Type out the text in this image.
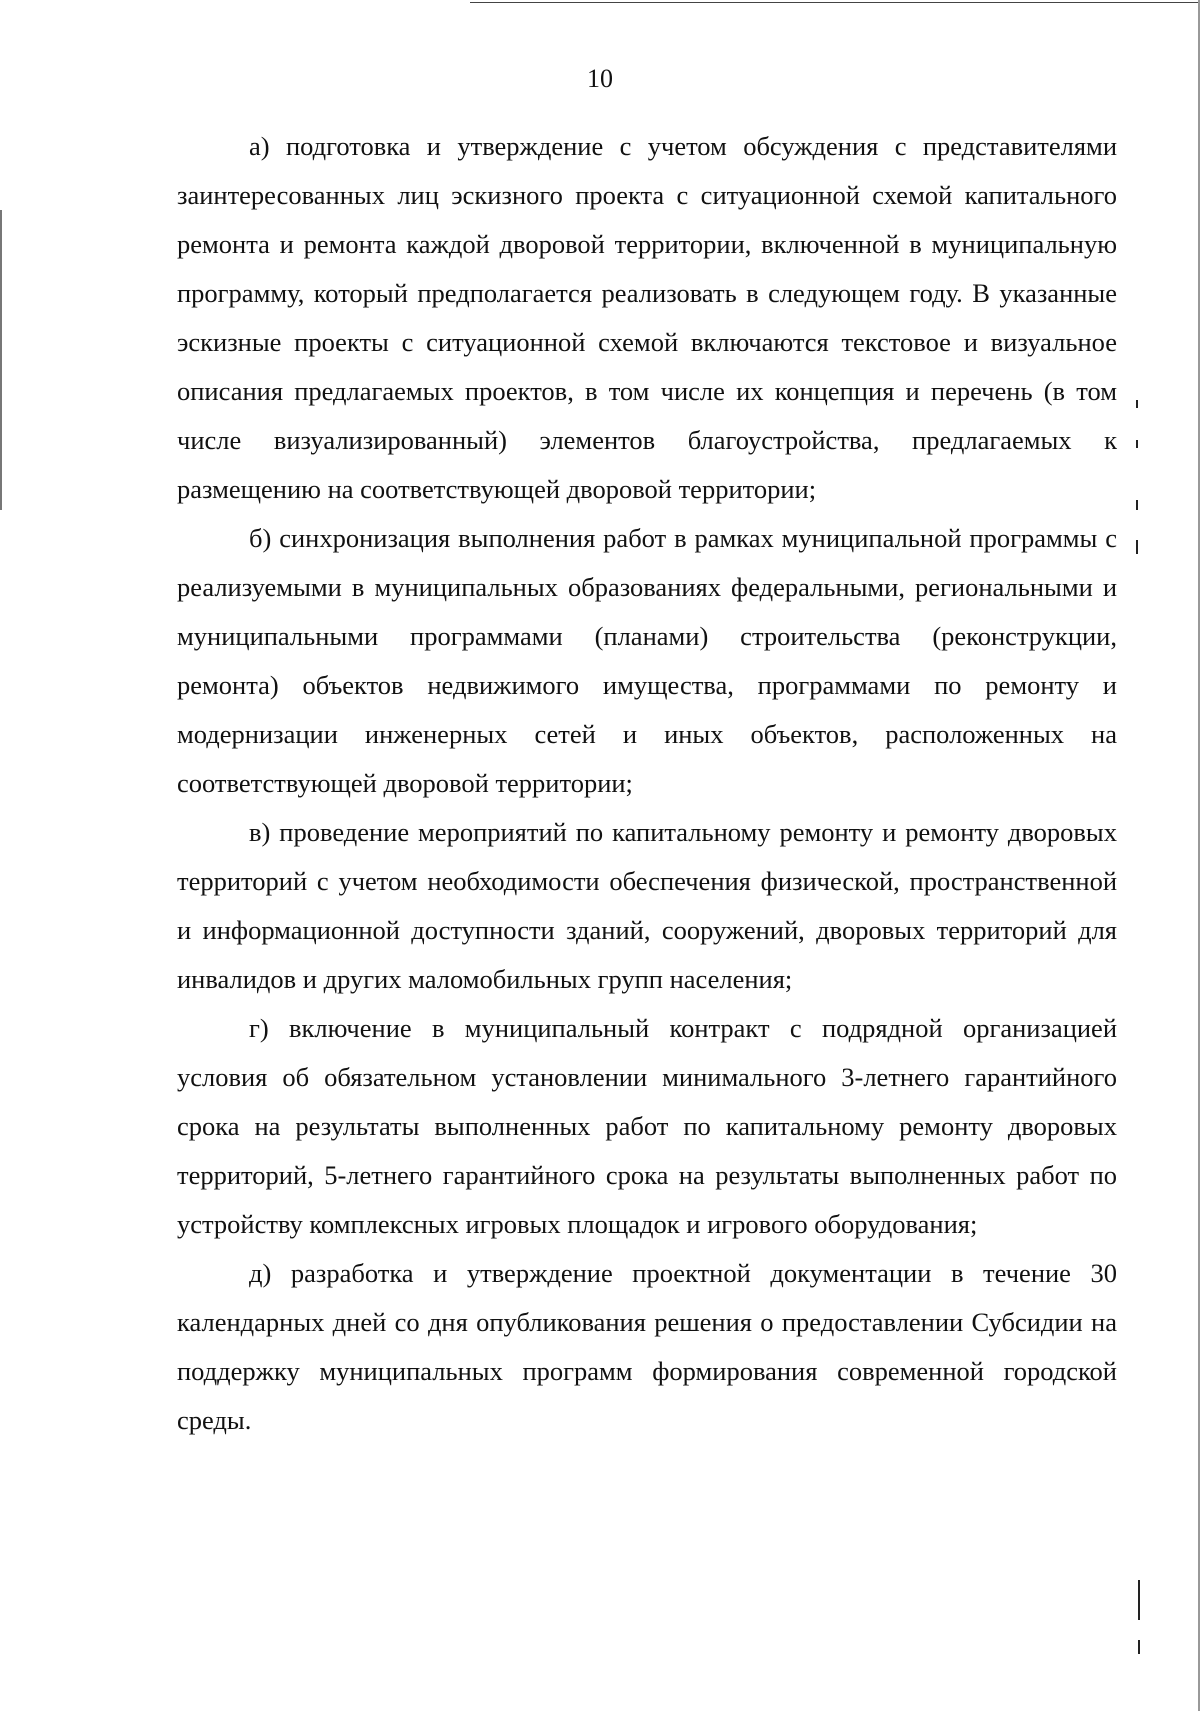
10

а) подготовка и утверждение с учетом обсуждения с представителями заинтересованных лиц эскизного проекта с ситуационной схемой капитального ремонта и ремонта каждой дворовой территории, включенной в муниципальную программу, который предполагается реализовать в следующем году. В указанные эскизные проекты с ситуационной схемой включаются текстовое и визуальное описания предлагаемых проектов, в том числе их концепция и перечень (в том числе визуализированный) элементов благоустройства, предлагаемых к размещению на соответствующей дворовой территории;

б) синхронизация выполнения работ в рамках муниципальной программы с реализуемыми в муниципальных образованиях федеральными, региональными и муниципальными программами (планами) строительства (реконструкции, ремонта) объектов недвижимого имущества, программами по ремонту и модернизации инженерных сетей и иных объектов, расположенных на соответствующей дворовой территории;

в) проведение мероприятий по капитальному ремонту и ремонту дворовых территорий с учетом необходимости обеспечения физической, пространственной и информационной доступности зданий, сооружений, дворовых территорий для инвалидов и других маломобильных групп населения;

г) включение в муниципальный контракт с подрядной организацией условия об обязательном установлении минимального 3-летнего гарантийного срока на результаты выполненных работ по капитальному ремонту дворовых территорий, 5-летнего гарантийного срока на результаты выполненных работ по устройству комплексных игровых площадок и игрового оборудования;

д) разработка и утверждение проектной документации в течение 30 календарных дней со дня опубликования решения о предоставлении Субсидии на поддержку муниципальных программ формирования современной городской среды.
